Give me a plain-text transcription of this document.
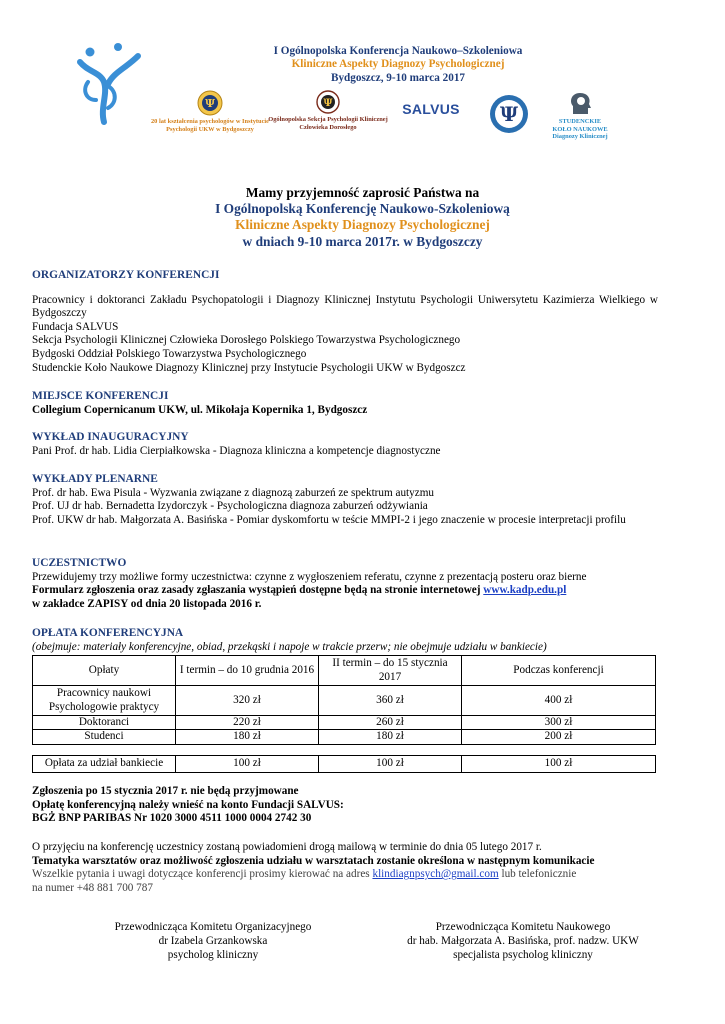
I Ogólnopolska Konferencja Naukowo–Szkoleniowa
Kliniczne Aspekty Diagnozy Psychologicznej
Bydgoszcz, 9-10 marca 2017
Ψ
20 lat kształcenia psychologów w Instytucie Psychologii UKW w Bydgoszczy
Ψ
Ogólnopolska Sekcja Psychologii Klinicznej Człowieka Dorosłego
SALVUS	Ψ	STUDENCKIE KOŁO NAUKOWE Diagnozy Klinicznej
Mamy przyjemność zaprosić Państwa na
I Ogólnopolską Konferencję Naukowo-Szkoleniową
Kliniczne Aspekty Diagnozy Psychologicznej
w dniach 9-10 marca 2017r. w Bydgoszczy
ORGANIZATORZY KONFERENCJI
Pracownicy i doktoranci Zakładu Psychopatologii i Diagnozy Klinicznej Instytutu Psychologii Uniwersytetu Kazimierza Wielkiego w Bydgoszczy
Fundacja SALVUS
Sekcja Psychologii Klinicznej Człowieka Dorosłego Polskiego Towarzystwa Psychologicznego
Bydgoski Oddział Polskiego Towarzystwa Psychologicznego
Studenckie Koło Naukowe Diagnozy Klinicznej przy Instytucie Psychologii UKW w Bydgoszcz
MIEJSCE KONFERENCJI
Collegium Copernicanum UKW, ul. Mikołaja Kopernika 1, Bydgoszcz
WYKŁAD INAUGURACYJNY
Pani Prof. dr hab. Lidia Cierpiałkowska - Diagnoza kliniczna a kompetencje diagnostyczne
WYKŁADY PLENARNE
Prof. dr hab. Ewa Pisula - Wyzwania związane z diagnozą zaburzeń ze spektrum autyzmu
Prof. UJ dr hab. Bernadetta Izydorczyk - Psychologiczna diagnoza zaburzeń odżywiania
Prof. UKW dr hab. Małgorzata A. Basińska - Pomiar dyskomfortu w teście MMPI-2 i jego znaczenie w procesie interpretacji profilu
UCZESTNICTWO
Przewidujemy trzy możliwe formy uczestnictwa: czynne z wygłoszeniem referatu, czynne z prezentacją posteru oraz bierne
Formularz zgłoszenia oraz zasady zgłaszania wystąpień dostępne będą na stronie internetowej www.kadp.edu.pl
w zakładce ZAPISY od dnia 20 listopada 2016 r.
OPŁATA KONFERENCYJNA
(obejmuje: materiały konferencyjne, obiad, przekąski i napoje w trakcie przerw; nie obejmuje udziału w bankiecie)
Opłaty	I termin – do 10 grudnia 2016	II termin – do 15 stycznia 2017	Podczas konferencji
Pracownicy naukowi Psychologowie praktycy	320 zł	360 zł	400 zł
Doktoranci	220 zł	260 zł	300 zł
Studenci	180 zł	180 zł	200 zł
Opłata za udział bankiecie	100 zł	100 zł	100 zł
Zgłoszenia po 15 stycznia 2017 r. nie będą przyjmowane
Opłatę konferencyjną należy wnieść na konto Fundacji SALVUS:
BGŻ BNP PARIBAS Nr 1020 3000 4511 1000 0004 2742 30
O przyjęciu na konferencję uczestnicy zostaną powiadomieni drogą mailową w terminie do dnia 05 lutego 2017 r.
Tematyka warsztatów oraz możliwość zgłoszenia udziału w warsztatach zostanie określona w następnym komunikacie
Wszelkie pytania i uwagi dotyczące konferencji prosimy kierować na adres klindiagnpsych@gmail.com lub telefonicznie
na numer +48 881 700 787
Przewodnicząca Komitetu Organizacyjnego
dr Izabela Grzankowska
psycholog kliniczny
Przewodnicząca Komitetu Naukowego
dr hab. Małgorzata A. Basińska, prof. nadzw. UKW
specjalista psycholog kliniczny
